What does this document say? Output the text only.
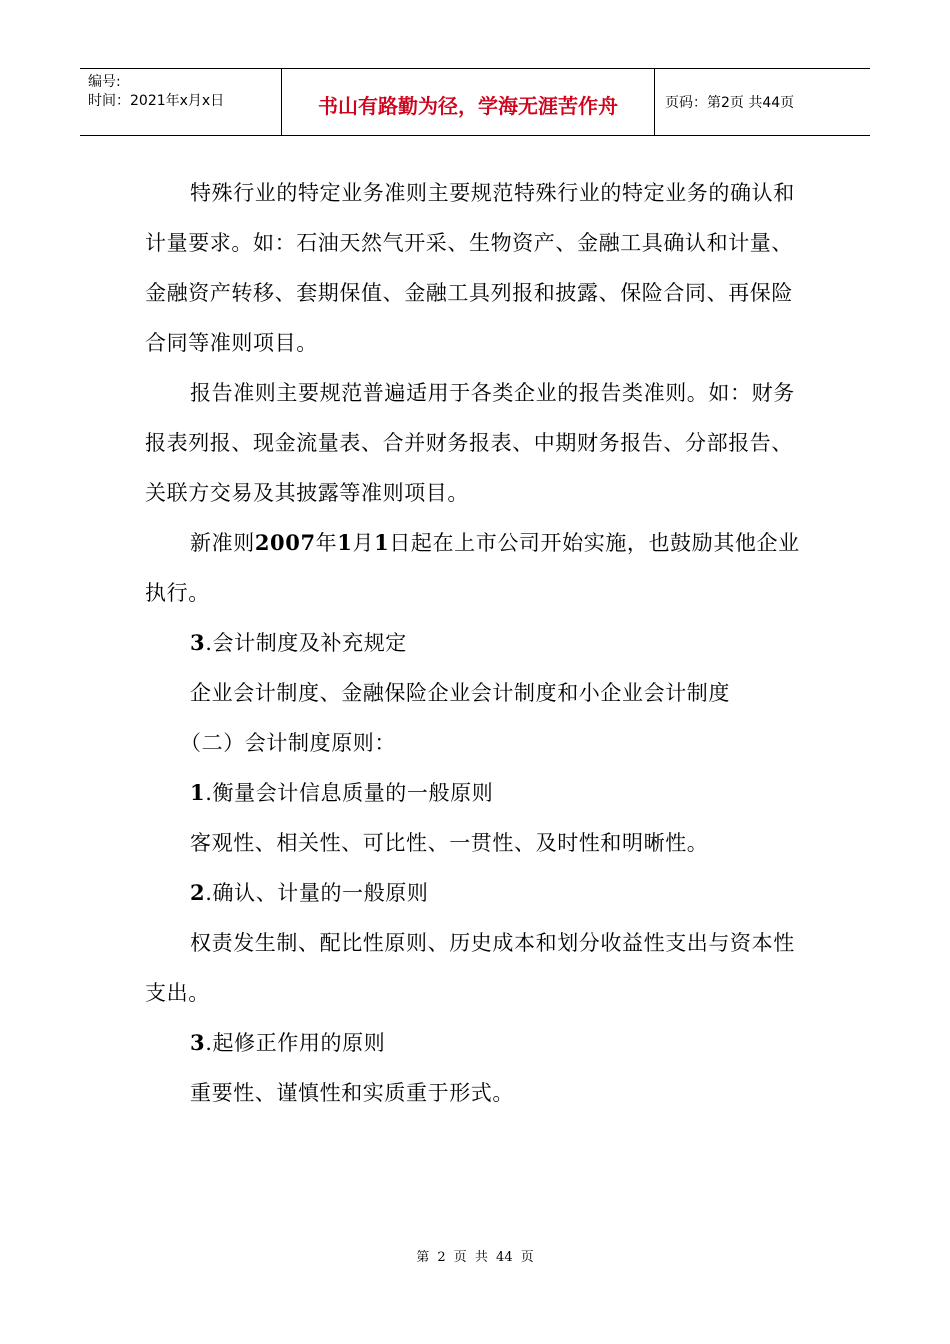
编号:
时间：2021年x月x日	书山有路勤为径，学海无涯苦作舟	页码：第2页 共44页

特殊行业的特定业务准则主要规范特殊行业的特定业务的确认和计量要求。如：石油天然气开采、生物资产、金融工具确认和计量、金融资产转移、套期保值、金融工具列报和披露、保险合同、再保险合同等准则项目。

报告准则主要规范普遍适用于各类企业的报告类准则。如：财务报表列报、现金流量表、合并财务报表、中期财务报告、分部报告、关联方交易及其披露等准则项目。

新准则2007年1月1日起在上市公司开始实施，也鼓励其他企业执行。

3.会计制度及补充规定

企业会计制度、金融保险企业会计制度和小企业会计制度

（二）会计制度原则：

1.衡量会计信息质量的一般原则

客观性、相关性、可比性、一贯性、及时性和明晰性。

2.确认、计量的一般原则

权责发生制、配比性原则、历史成本和划分收益性支出与资本性支出。

3.起修正作用的原则

重要性、谨慎性和实质重于形式。

第 2 页 共 44 页
